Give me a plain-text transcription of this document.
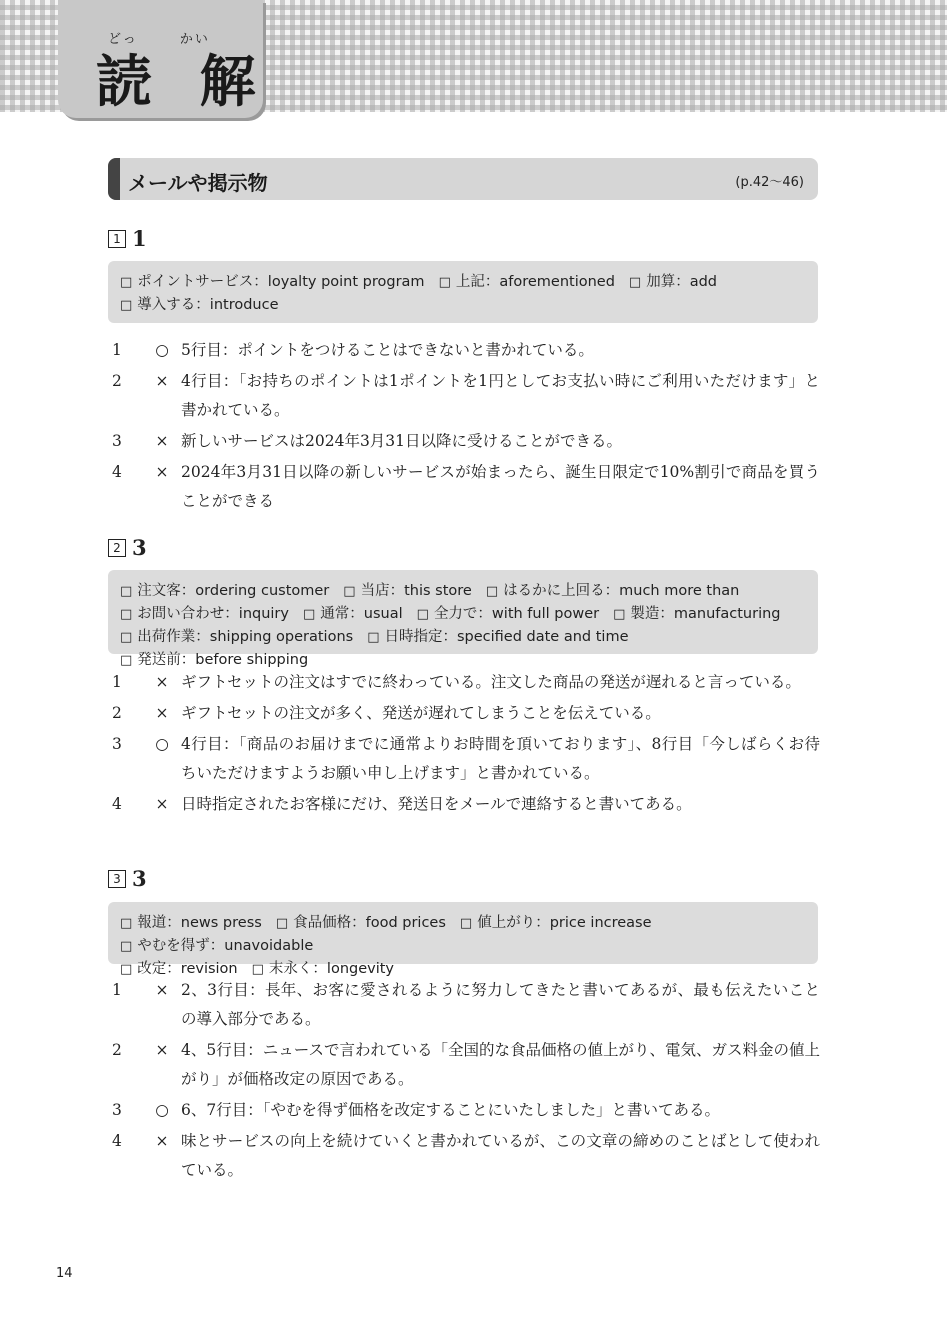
どっ	かい
読 解
メールや掲示物	(p.42〜46)
1 1
□ ポイントサービス：loyalty point program □ 上記：aforementioned □ 加算：add
□ 導入する：introduce
1	○ 5行目：ポイントをつけることはできないと書かれている。
2	× 4行目：「お持ちのポイントは1ポイントを1円としてお支払い時にご利用いただけます」と書かれている。
3	× 新しいサービスは2024年3月31日以降に受けることができる。
4	× 2024年3月31日以降の新しいサービスが始まったら、誕生日限定で10%割引で商品を買うことができる
2 3
□ 注文客：ordering customer □ 当店：this store □ はるかに上回る：much more than
□ お問い合わせ：inquiry □ 通常：usual □ 全力で：with full power □ 製造：manufacturing
□ 出荷作業：shipping operations □ 日時指定：specified date and time□ 発送前：before shipping
1	× ギフトセットの注文はすでに終わっている。注文した商品の発送が遅れると言っている。
2	× ギフトセットの注文が多く、発送が遅れてしまうことを伝えている。
3	○ 4行目：「商品のお届けまでに通常よりお時間を頂いております」、8行目「今しばらくお待ちいただけますようお願い申し上げます」と書かれている。
4	× 日時指定されたお客様にだけ、発送日をメールで連絡すると書いてある。
3 3
□ 報道：news press □ 食品価格：food prices □ 値上がり：price increase□ やむを得ず：unavoidable
□ 改定：revision □ 末永く：longevity
1	× 2、3行目：長年、お客に愛されるように努力してきたと書いてあるが、最も伝えたいことの導入部分である。
2	× 4、5行目：ニュースで言われている「全国的な食品価格の値上がり、電気、ガス料金の値上がり」が価格改定の原因である。
3	○ 6、7行目：「やむを得ず価格を改定することにいたしました」と書いてある。
4	× 味とサービスの向上を続けていくと書かれているが、この文章の締めのことばとして使われている。
14
